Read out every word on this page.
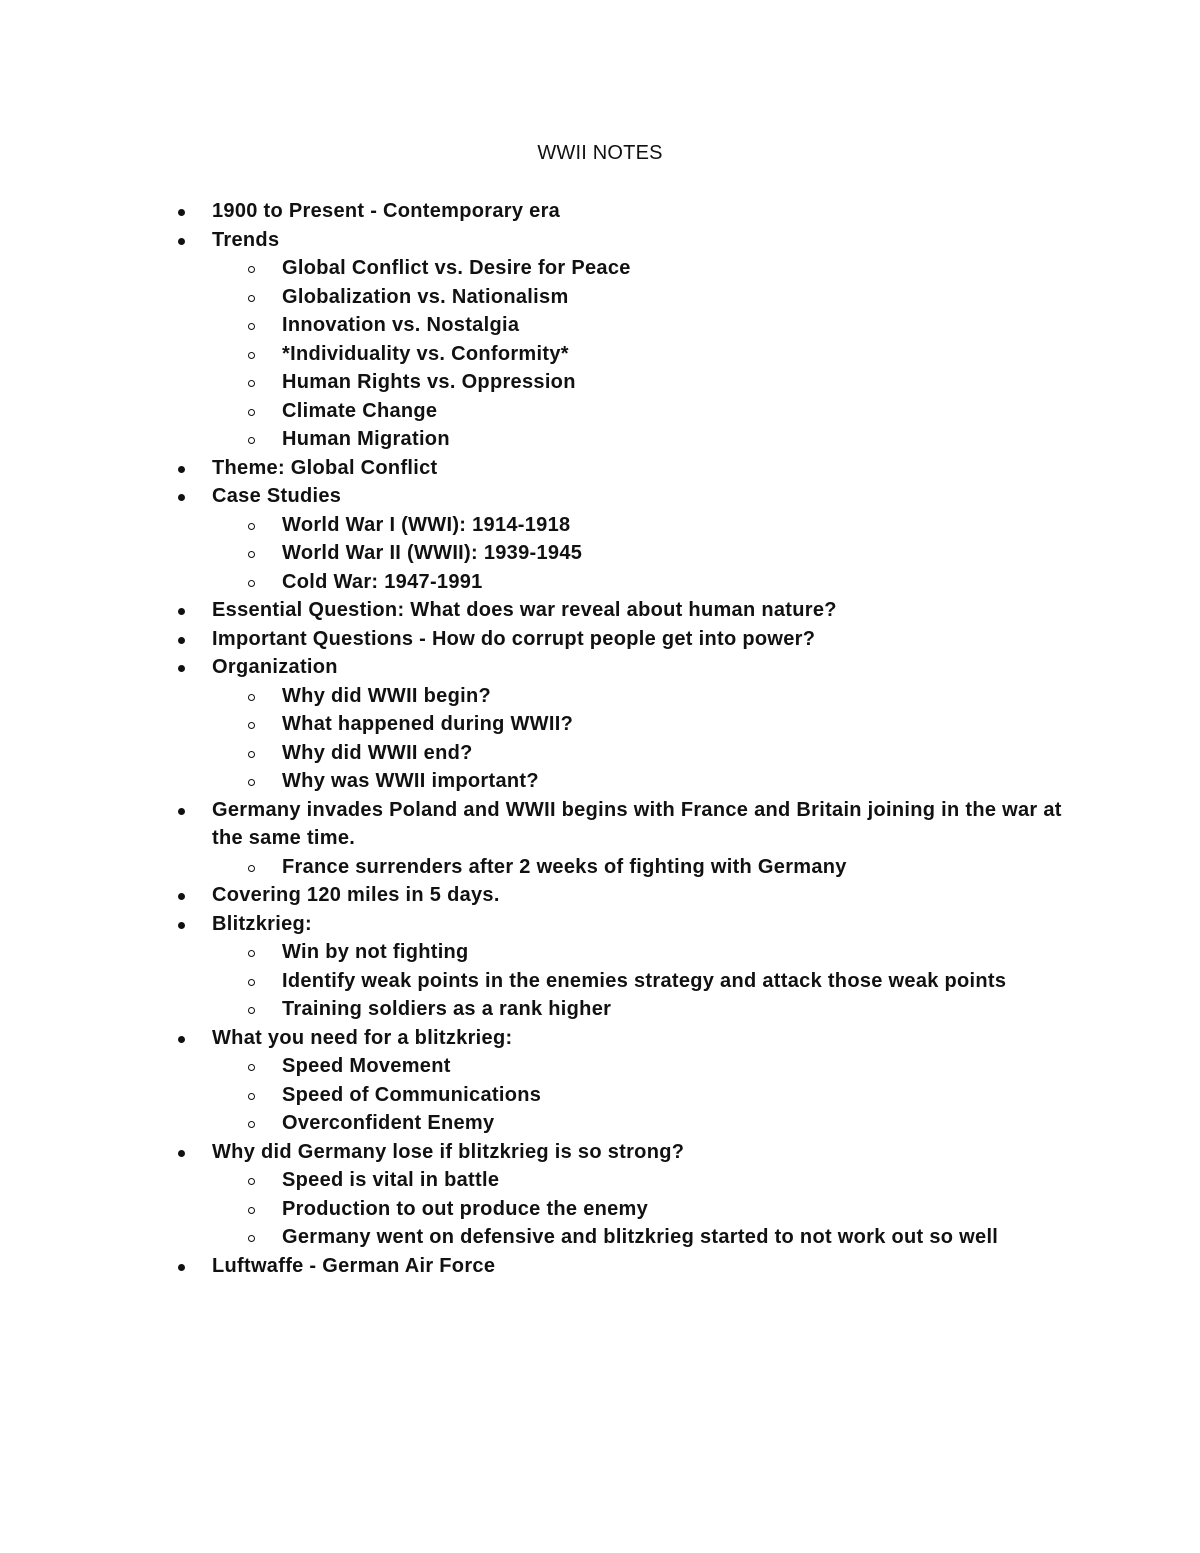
WWII NOTES
1900 to Present - Contemporary era
Trends
Global Conflict vs. Desire for Peace
Globalization vs. Nationalism
Innovation vs. Nostalgia
*Individuality vs. Conformity*
Human Rights vs. Oppression
Climate Change
Human Migration
Theme: Global Conflict
Case Studies
World War I (WWI): 1914-1918
World War II (WWII): 1939-1945
Cold War: 1947-1991
Essential Question: What does war reveal about human nature?
Important Questions - How do corrupt people get into power?
Organization
Why did WWII begin?
What happened during WWII?
Why did WWII end?
Why was WWII important?
Germany invades Poland and WWII begins with France and Britain joining in the war at the same time.
France surrenders after 2 weeks of fighting with Germany
Covering 120 miles in 5 days.
Blitzkrieg:
Win by not fighting
Identify weak points in the enemies strategy and attack those weak points
Training soldiers as a rank higher
What you need for a blitzkrieg:
Speed Movement
Speed of Communications
Overconfident Enemy
Why did Germany lose if blitzkrieg is so strong?
Speed is vital in battle
Production to out produce the enemy
Germany went on defensive and blitzkrieg started to not work out so well
Luftwaffe - German Air Force
